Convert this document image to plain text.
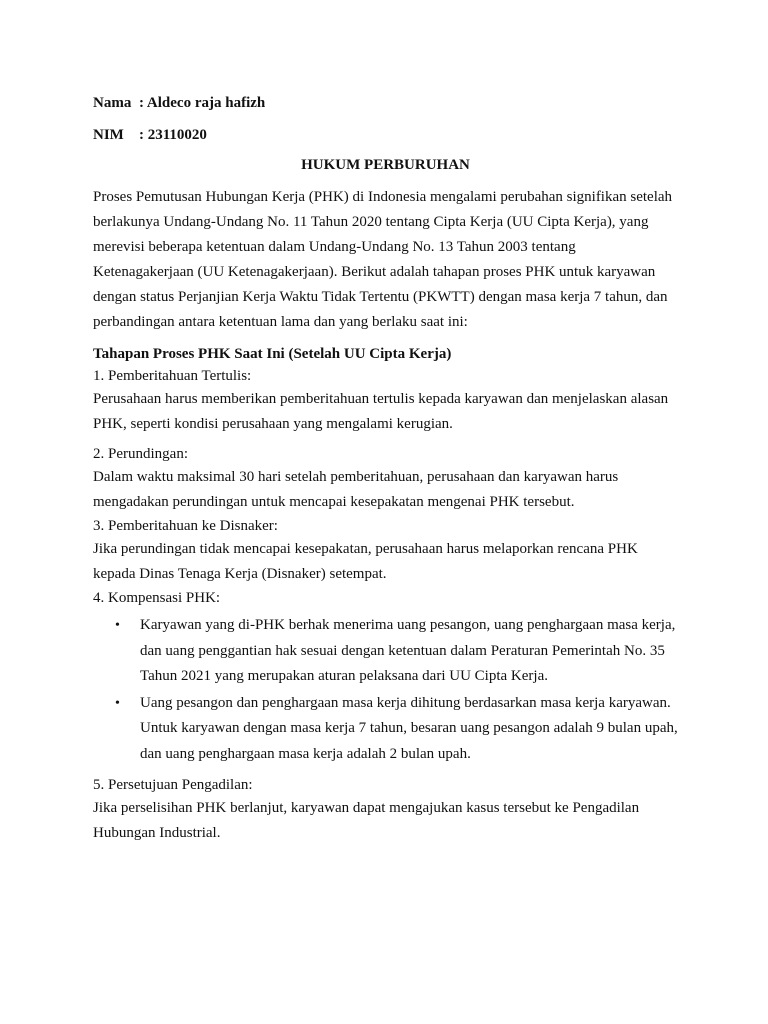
Nama : Aldeco raja hafizh
NIM : 23110020
HUKUM PERBURUHAN

Proses Pemutusan Hubungan Kerja (PHK) di Indonesia mengalami perubahan signifikan setelah berlakunya Undang-Undang No. 11 Tahun 2020 tentang Cipta Kerja (UU Cipta Kerja), yang merevisi beberapa ketentuan dalam Undang-Undang No. 13 Tahun 2003 tentang Ketenagakerjaan (UU Ketenagakerjaan). Berikut adalah tahapan proses PHK untuk karyawan dengan status Perjanjian Kerja Waktu Tidak Tertentu (PKWTT) dengan masa kerja 7 tahun, dan perbandingan antara ketentuan lama dan yang berlaku saat ini:

Tahapan Proses PHK Saat Ini (Setelah UU Cipta Kerja)
1. Pemberitahuan Tertulis:
Perusahaan harus memberikan pemberitahuan tertulis kepada karyawan dan menjelaskan alasan PHK, seperti kondisi perusahaan yang mengalami kerugian.
2. Perundingan:
Dalam waktu maksimal 30 hari setelah pemberitahuan, perusahaan dan karyawan harus mengadakan perundingan untuk mencapai kesepakatan mengenai PHK tersebut.
3. Pemberitahuan ke Disnaker:
Jika perundingan tidak mencapai kesepakatan, perusahaan harus melaporkan rencana PHK kepada Dinas Tenaga Kerja (Disnaker) setempat.
4. Kompensasi PHK:
• Karyawan yang di-PHK berhak menerima uang pesangon, uang penghargaan masa kerja, dan uang penggantian hak sesuai dengan ketentuan dalam Peraturan Pemerintah No. 35 Tahun 2021 yang merupakan aturan pelaksana dari UU Cipta Kerja.
• Uang pesangon dan penghargaan masa kerja dihitung berdasarkan masa kerja karyawan. Untuk karyawan dengan masa kerja 7 tahun, besaran uang pesangon adalah 9 bulan upah, dan uang penghargaan masa kerja adalah 2 bulan upah.
5. Persetujuan Pengadilan:
Jika perselisihan PHK berlanjut, karyawan dapat mengajukan kasus tersebut ke Pengadilan Hubungan Industrial.
